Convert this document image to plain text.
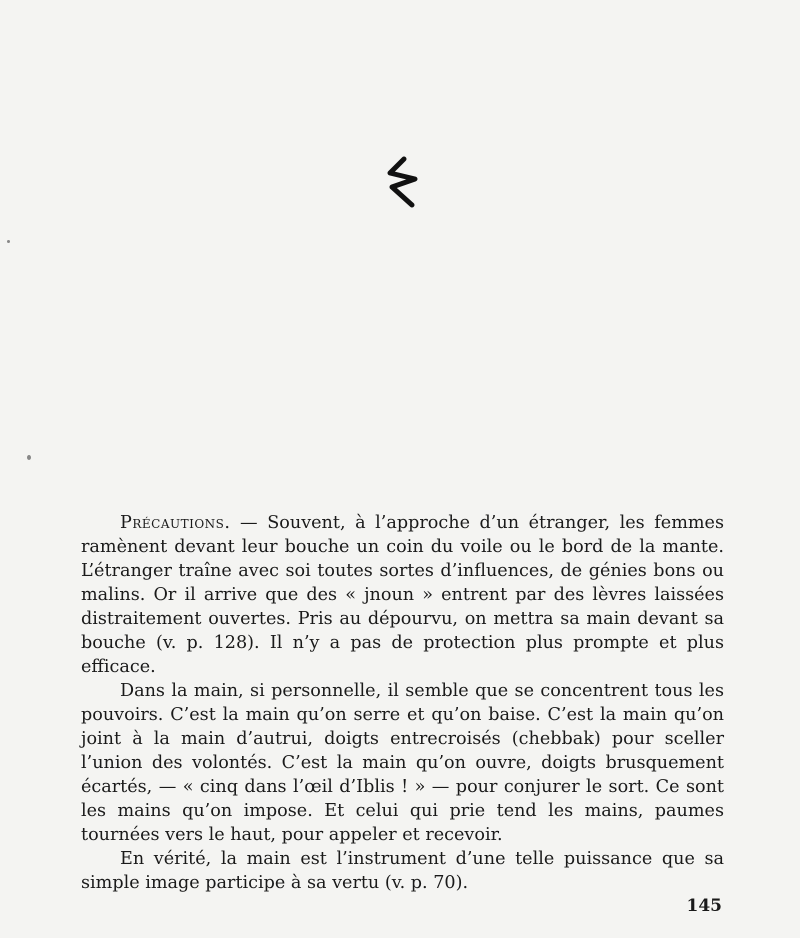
Précautions. — Souvent, à l’approche d’un étranger, les femmes ramènent devant leur bouche un coin du voile ou le bord de la mante. L’étranger traîne avec soi toutes sortes d’influences, de génies bons ou malins. Or il arrive que des « jnoun » entrent par des lèvres laissées distraitement ouvertes. Pris au dépourvu, on mettra sa main devant sa bouche (v. p. 128). Il n’y a pas de protection plus prompte et plus efficace.

Dans la main, si personnelle, il semble que se concentrent tous les pouvoirs. C’est la main qu’on serre et qu’on baise. C’est la main qu’on joint à la main d’autrui, doigts entrecroisés (chebbak) pour sceller l’union des volontés. C’est la main qu’on ouvre, doigts brusquement écartés, — « cinq dans l’œil d’Iblis ! » — pour conjurer le sort. Ce sont les mains qu’on impose. Et celui qui prie tend les mains, paumes tournées vers le haut, pour appeler et recevoir.

En vérité, la main est l’instrument d’une telle puissance que sa simple image participe à sa vertu (v. p. 70).

145
